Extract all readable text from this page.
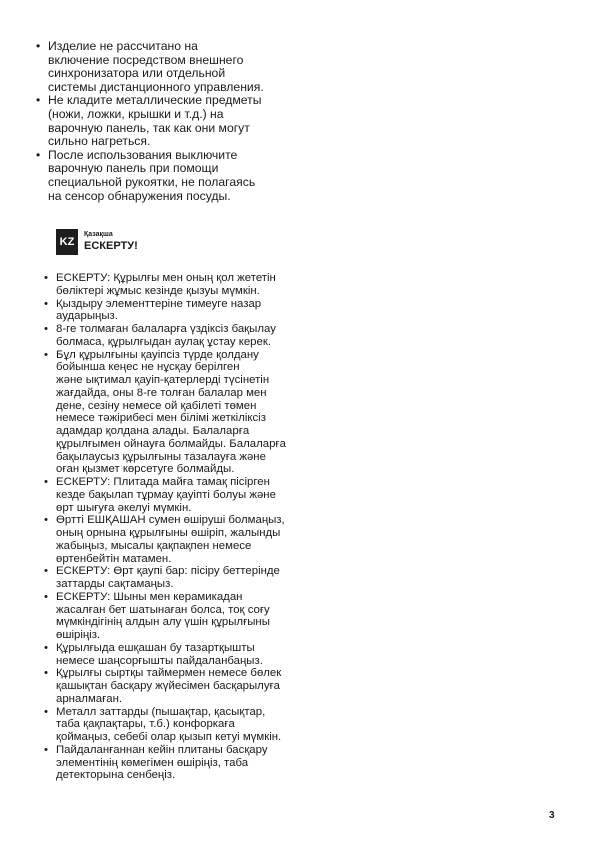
• Изделие не рассчитано на
включение посредством внешнего
синхронизатора или отдельной
системы дистанционного управления.
• Не кладите металлические предметы
(ножи, ложки, крышки и т.д.) на
варочную панель, так как они могут
сильно нагреться.
• После использования выключите
варочную панель при помощи
специальной рукоятки, не полагаясь
на сенсор обнаружения посуды.
KZ
Қазақша
ЕСКЕРТУ!
• ЕСКЕРТУ: Құрылғы мен оның қол жететін
бөліктері жұмыс кезінде қызуы мүмкін.
• Қыздыру элементтеріне тимеуге назар
аударыңыз.
• 8-ге толмаған балаларға үздіксіз бақылау
болмаса, құрылғыдан аулақ ұстау керек.
• Бұл құрылғыны қауіпсіз түрде қолдану
бойынша кеңес не нұсқау берілген
және ықтимал қауіп-қатерлерді түсінетін
жағдайда, оны 8-ге толған балалар мен
дене, сезіну немесе ой қабілеті төмен
немесе тәжірибесі мен білімі жеткіліксіз
адамдар қолдана алады. Балаларға
құрылғымен ойнауға болмайды. Балаларға
бақылаусыз құрылғыны тазалауға және
оған қызмет көрсетуге болмайды.
• ЕСКЕРТУ: Плитада майға тамақ пісірген
кезде бақылап тұрмау қауіпті болуы және
өрт шығуға әкелуі мүмкін.
• Өртті ЕШҚАШАН сумен өшіруші болмаңыз,
оның орнына құрылғыны өшіріп, жалынды
жабыңыз, мысалы қақпақпен немесе
өртенбейтін матамен.
• ЕСКЕРТУ: Өрт қаупі бар: пісіру беттерінде
заттарды сақтамаңыз.
• ЕСКЕРТУ: Шыны мен керамикадан
жасалған бет шатынаған болса, тоқ соғу
мүмкіндігінің алдын алу үшін құрылғыны
өшіріңіз.
• Құрылғыда ешқашан бу тазартқышты
немесе шаңсорғышты пайдаланбаңыз.
• Құрылғы сыртқы таймермен немесе бөлек
қашықтан басқару жүйесімен басқарылуға
арналмаған.
• Металл заттарды (пышақтар, қасықтар,
таба қақпақтары, т.б.) конфоркаға
қоймаңыз, себебі олар қызып кетуі мүмкін.
• Пайдаланғаннан кейін плитаны басқару
элементінің көмегімен өшіріңіз, таба
детекторына сенбеңіз.
3
